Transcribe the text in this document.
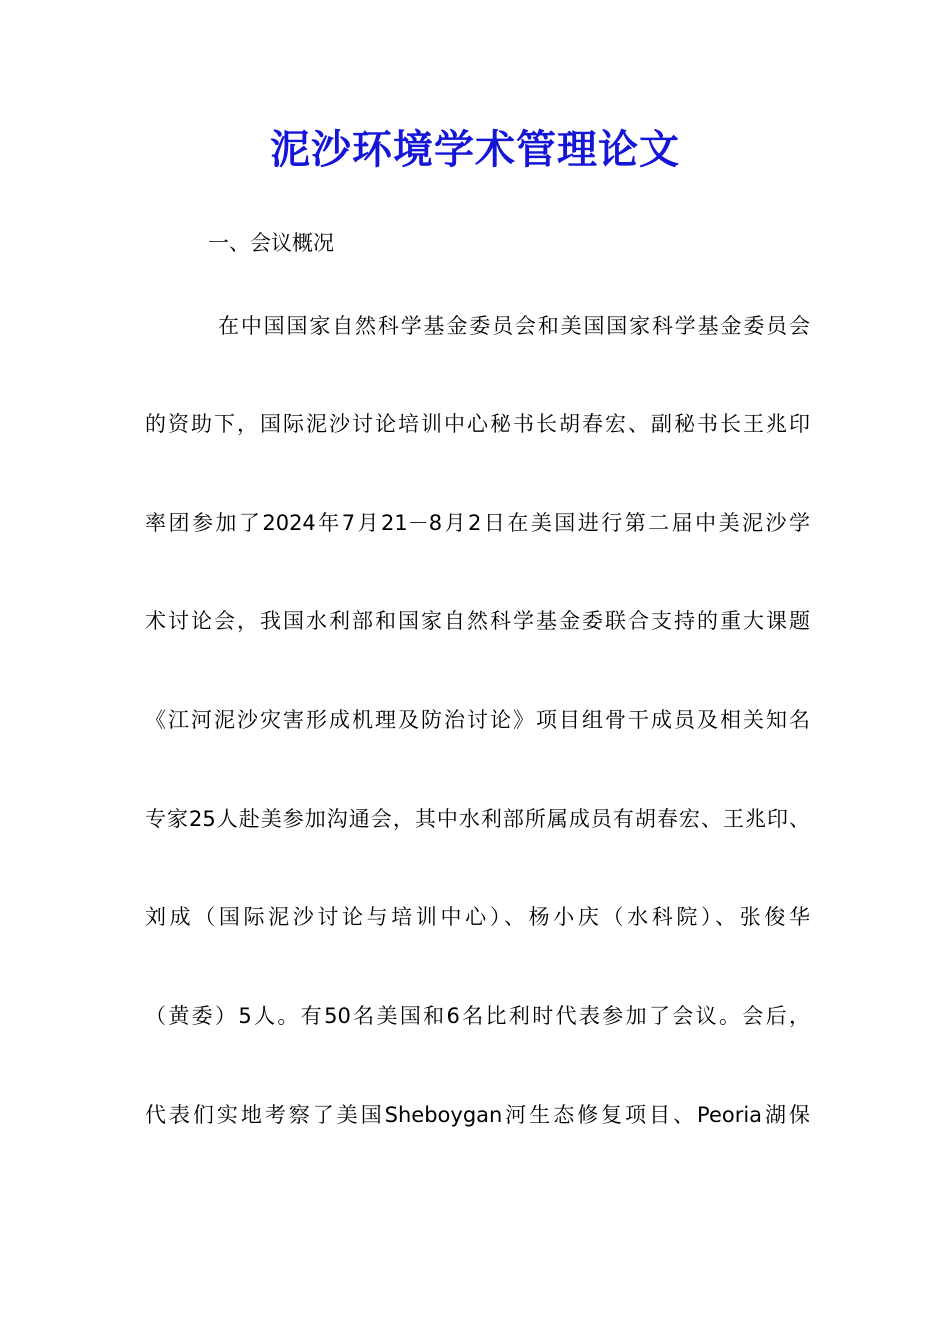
泥沙环境学术管理论文
一、会议概况
在中国国家自然科学基金委员会和美国国家科学基金委员会
的资助下，国际泥沙讨论培训中心秘书长胡春宏、副秘书长王兆印
率团参加了2024年7月21－8月2日在美国进行第二届中美泥沙学
术讨论会，我国水利部和国家自然科学基金委联合支持的重大课题
《江河泥沙灾害形成机理及防治讨论》项目组骨干成员及相关知名
专家25人赴美参加沟通会，其中水利部所属成员有胡春宏、王兆印、
刘成（国际泥沙讨论与培训中心）、杨小庆（水科院）、张俊华
（黄委）5人。有50名美国和6名比利时代表参加了会议。会后，
代表们实地考察了美国Sheboygan河生态修复项目、Peoria湖保
